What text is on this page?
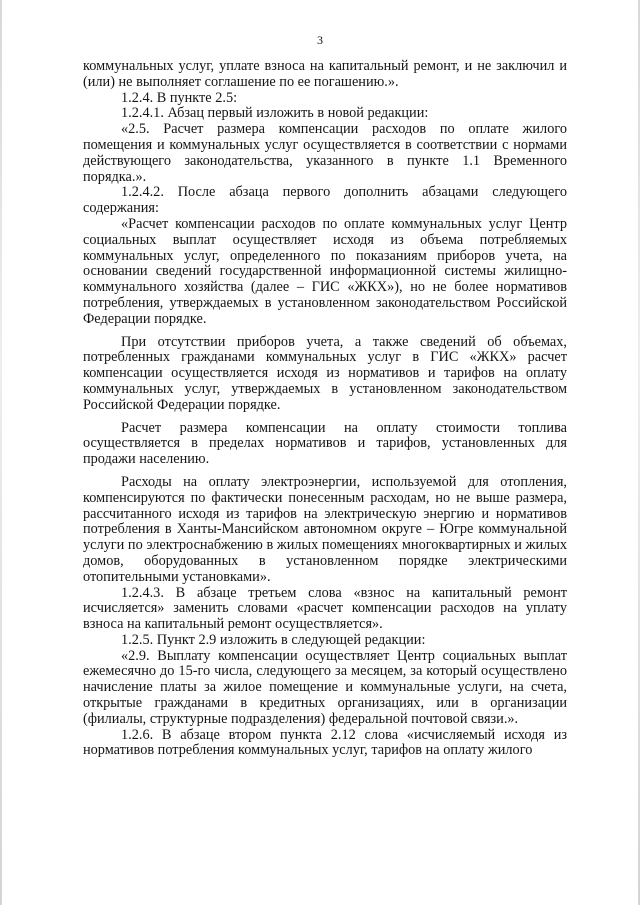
3

коммунальных услуг, уплате взноса на капитальный ремонт, и не заключил и (или) не выполняет соглашение по ее погашению.».

1.2.4. В пункте 2.5:

1.2.4.1. Абзац первый изложить в новой редакции:

«2.5. Расчет размера компенсации расходов по оплате жилого помещения и коммунальных услуг осуществляется в соответствии с нормами действующего законодательства, указанного в пункте 1.1 Временного порядка.».

1.2.4.2. После абзаца первого дополнить абзацами следующего содержания:

«Расчет компенсации расходов по оплате коммунальных услуг Центр социальных выплат осуществляет исходя из объема потребляемых коммунальных услуг, определенного по показаниям приборов учета, на основании сведений государственной информационной системы жилищно-коммунального хозяйства (далее – ГИС «ЖКХ»), но не более нормативов потребления, утверждаемых в установленном законодательством Российской Федерации порядке.

При отсутствии приборов учета, а также сведений об объемах, потребленных гражданами коммунальных услуг в ГИС «ЖКХ» расчет компенсации осуществляется исходя из нормативов и тарифов на оплату коммунальных услуг, утверждаемых в установленном законодательством Российской Федерации порядке.

Расчет размера компенсации на оплату стоимости топлива осуществляется в пределах нормативов и тарифов, установленных для продажи населению.

Расходы на оплату электроэнергии, используемой для отопления, компенсируются по фактически понесенным расходам, но не выше размера, рассчитанного исходя из тарифов на электрическую энергию и нормативов потребления в Ханты-Мансийском автономном округе – Югре коммунальной услуги по электроснабжению в жилых помещениях многоквартирных и жилых домов, оборудованных в установленном порядке электрическими отопительными установками».

1.2.4.3. В абзаце третьем слова «взнос на капитальный ремонт исчисляется» заменить словами «расчет компенсации расходов на уплату взноса на капитальный ремонт осуществляется».

1.2.5. Пункт 2.9 изложить в следующей редакции:

«2.9. Выплату компенсации осуществляет Центр социальных выплат ежемесячно до 15-го числа, следующего за месяцем, за который осуществлено начисление платы за жилое помещение и коммунальные услуги, на счета, открытые гражданами в кредитных организациях, или в организации (филиалы, структурные подразделения) федеральной почтовой связи.».

1.2.6. В абзаце втором пункта 2.12 слова «исчисляемый исходя из нормативов потребления коммунальных услуг, тарифов на оплату жилого
